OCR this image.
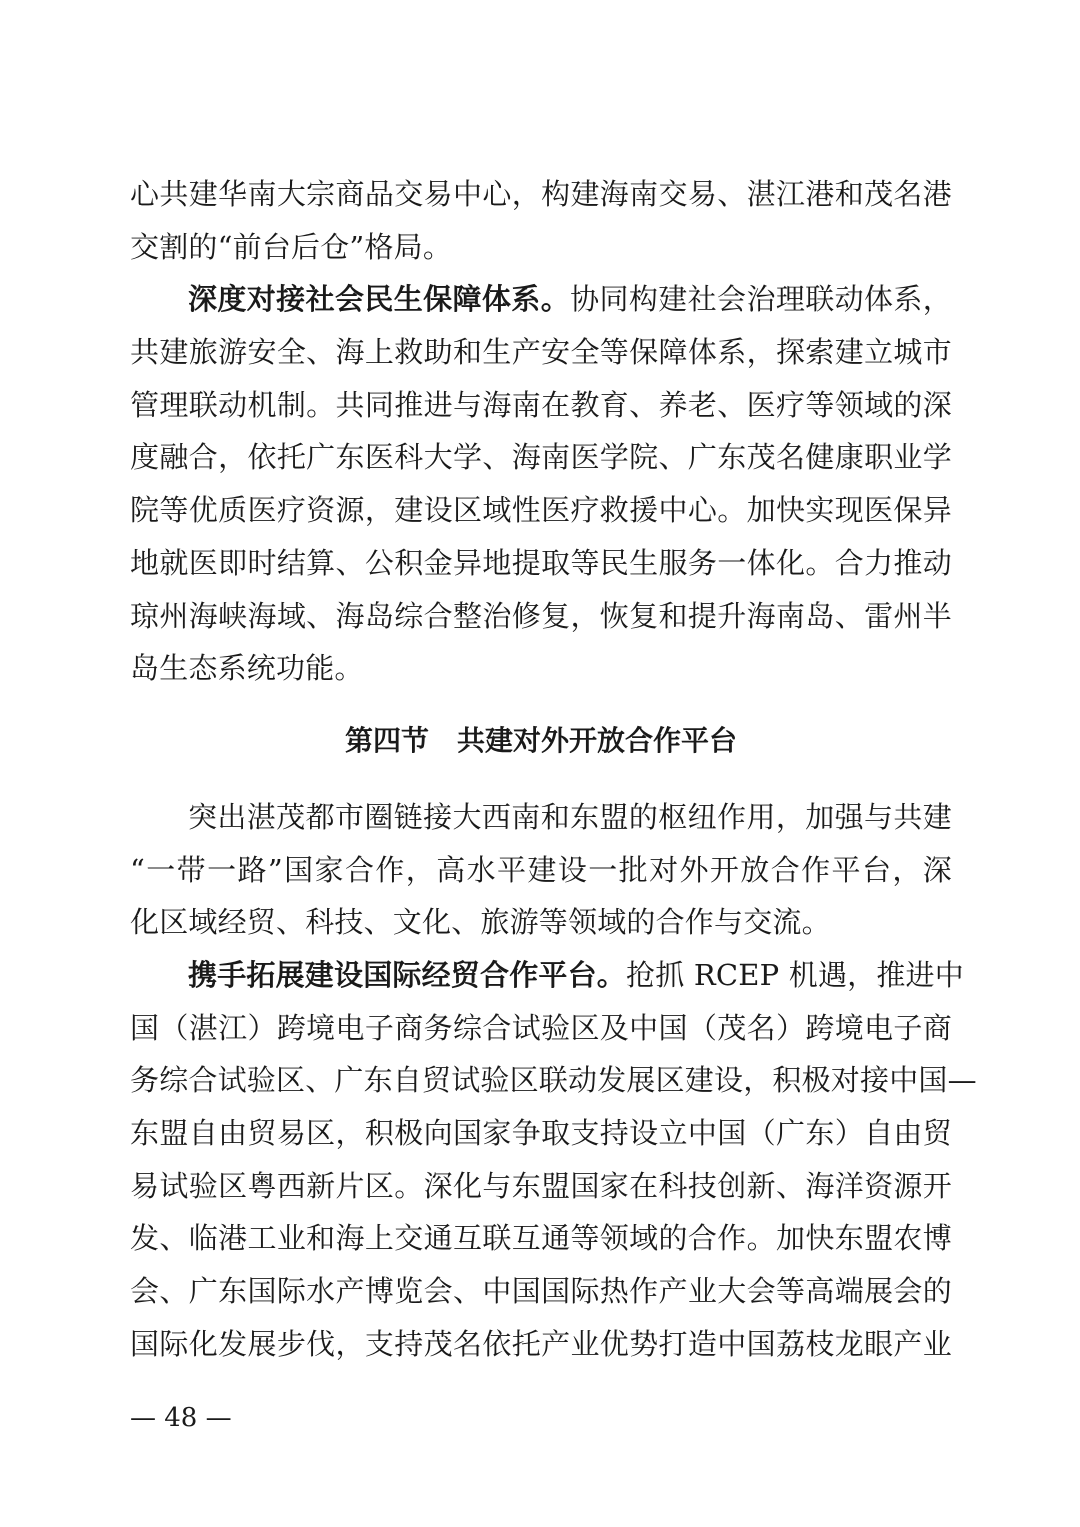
心共建华南大宗商品交易中心，构建海南交易、湛江港和茂名港
交割的“前台后仓”格局。
深度对接社会民生保障体系。协同构建社会治理联动体系，
共建旅游安全、海上救助和生产安全等保障体系，探索建立城市
管理联动机制。共同推进与海南在教育、养老、医疗等领域的深
度融合，依托广东医科大学、海南医学院、广东茂名健康职业学
院等优质医疗资源，建设区域性医疗救援中心。加快实现医保异
地就医即时结算、公积金异地提取等民生服务一体化。合力推动
琼州海峡海域、海岛综合整治修复，恢复和提升海南岛、雷州半
岛生态系统功能。
第四节　共建对外开放合作平台
突出湛茂都市圈链接大西南和东盟的枢纽作用，加强与共建
“一带一路”国家合作，高水平建设一批对外开放合作平台，深
化区域经贸、科技、文化、旅游等领域的合作与交流。
携手拓展建设国际经贸合作平台。抢抓 RCEP 机遇，推进中
国（湛江）跨境电子商务综合试验区及中国（茂名）跨境电子商
务综合试验区、广东自贸试验区联动发展区建设，积极对接中国—
东盟自由贸易区，积极向国家争取支持设立中国（广东）自由贸
易试验区粤西新片区。深化与东盟国家在科技创新、海洋资源开
发、临港工业和海上交通互联互通等领域的合作。加快东盟农博
会、广东国际水产博览会、中国国际热作产业大会等高端展会的
国际化发展步伐，支持茂名依托产业优势打造中国荔枝龙眼产业
— 48 —
